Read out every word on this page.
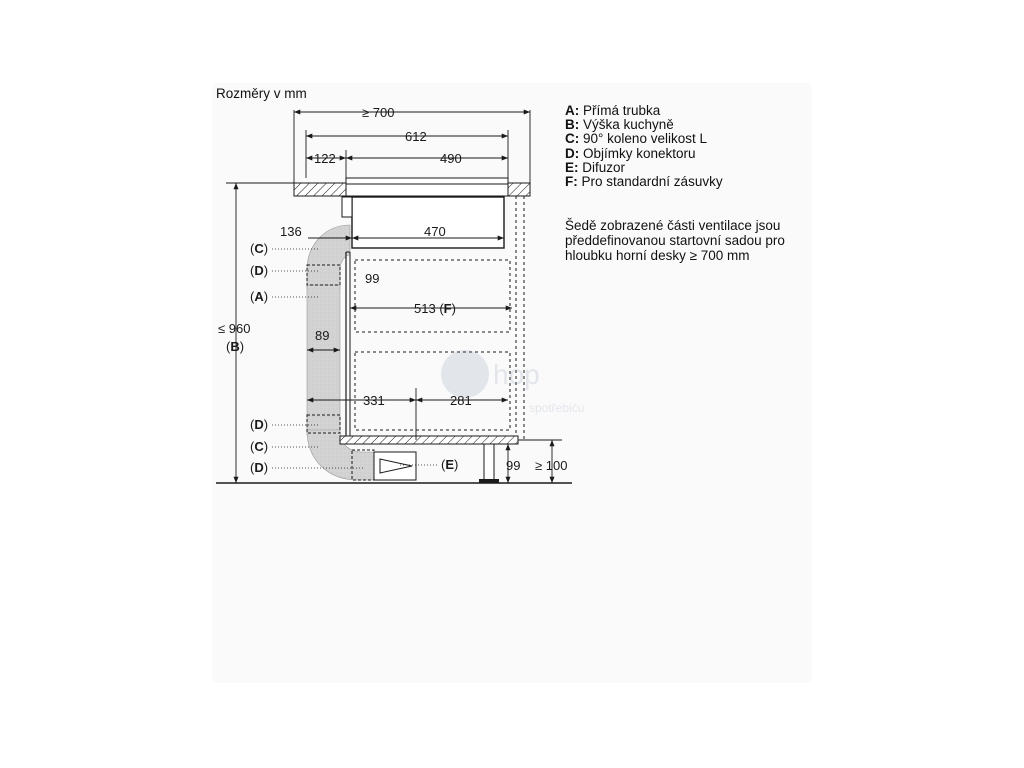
Rozměry v mm
≥ 700
612
122	490
136	470
99
513 (F)
89
331	281
≤ 960
99 ≥ 100
(C)
(D)
(A)
(B)
(D)
(C)
(D)	(E)
hop
spotřebiču
A: Přímá trubka
B: Výška kuchyně
C: 90° koleno velikost L
D: Objímky konektoru
E: Difuzor
F: Pro standardní zásuvky
Šedě zobrazené části ventilace jsou předdefinovanou startovní sadou pro hloubku horní desky ≥ 700 mm
